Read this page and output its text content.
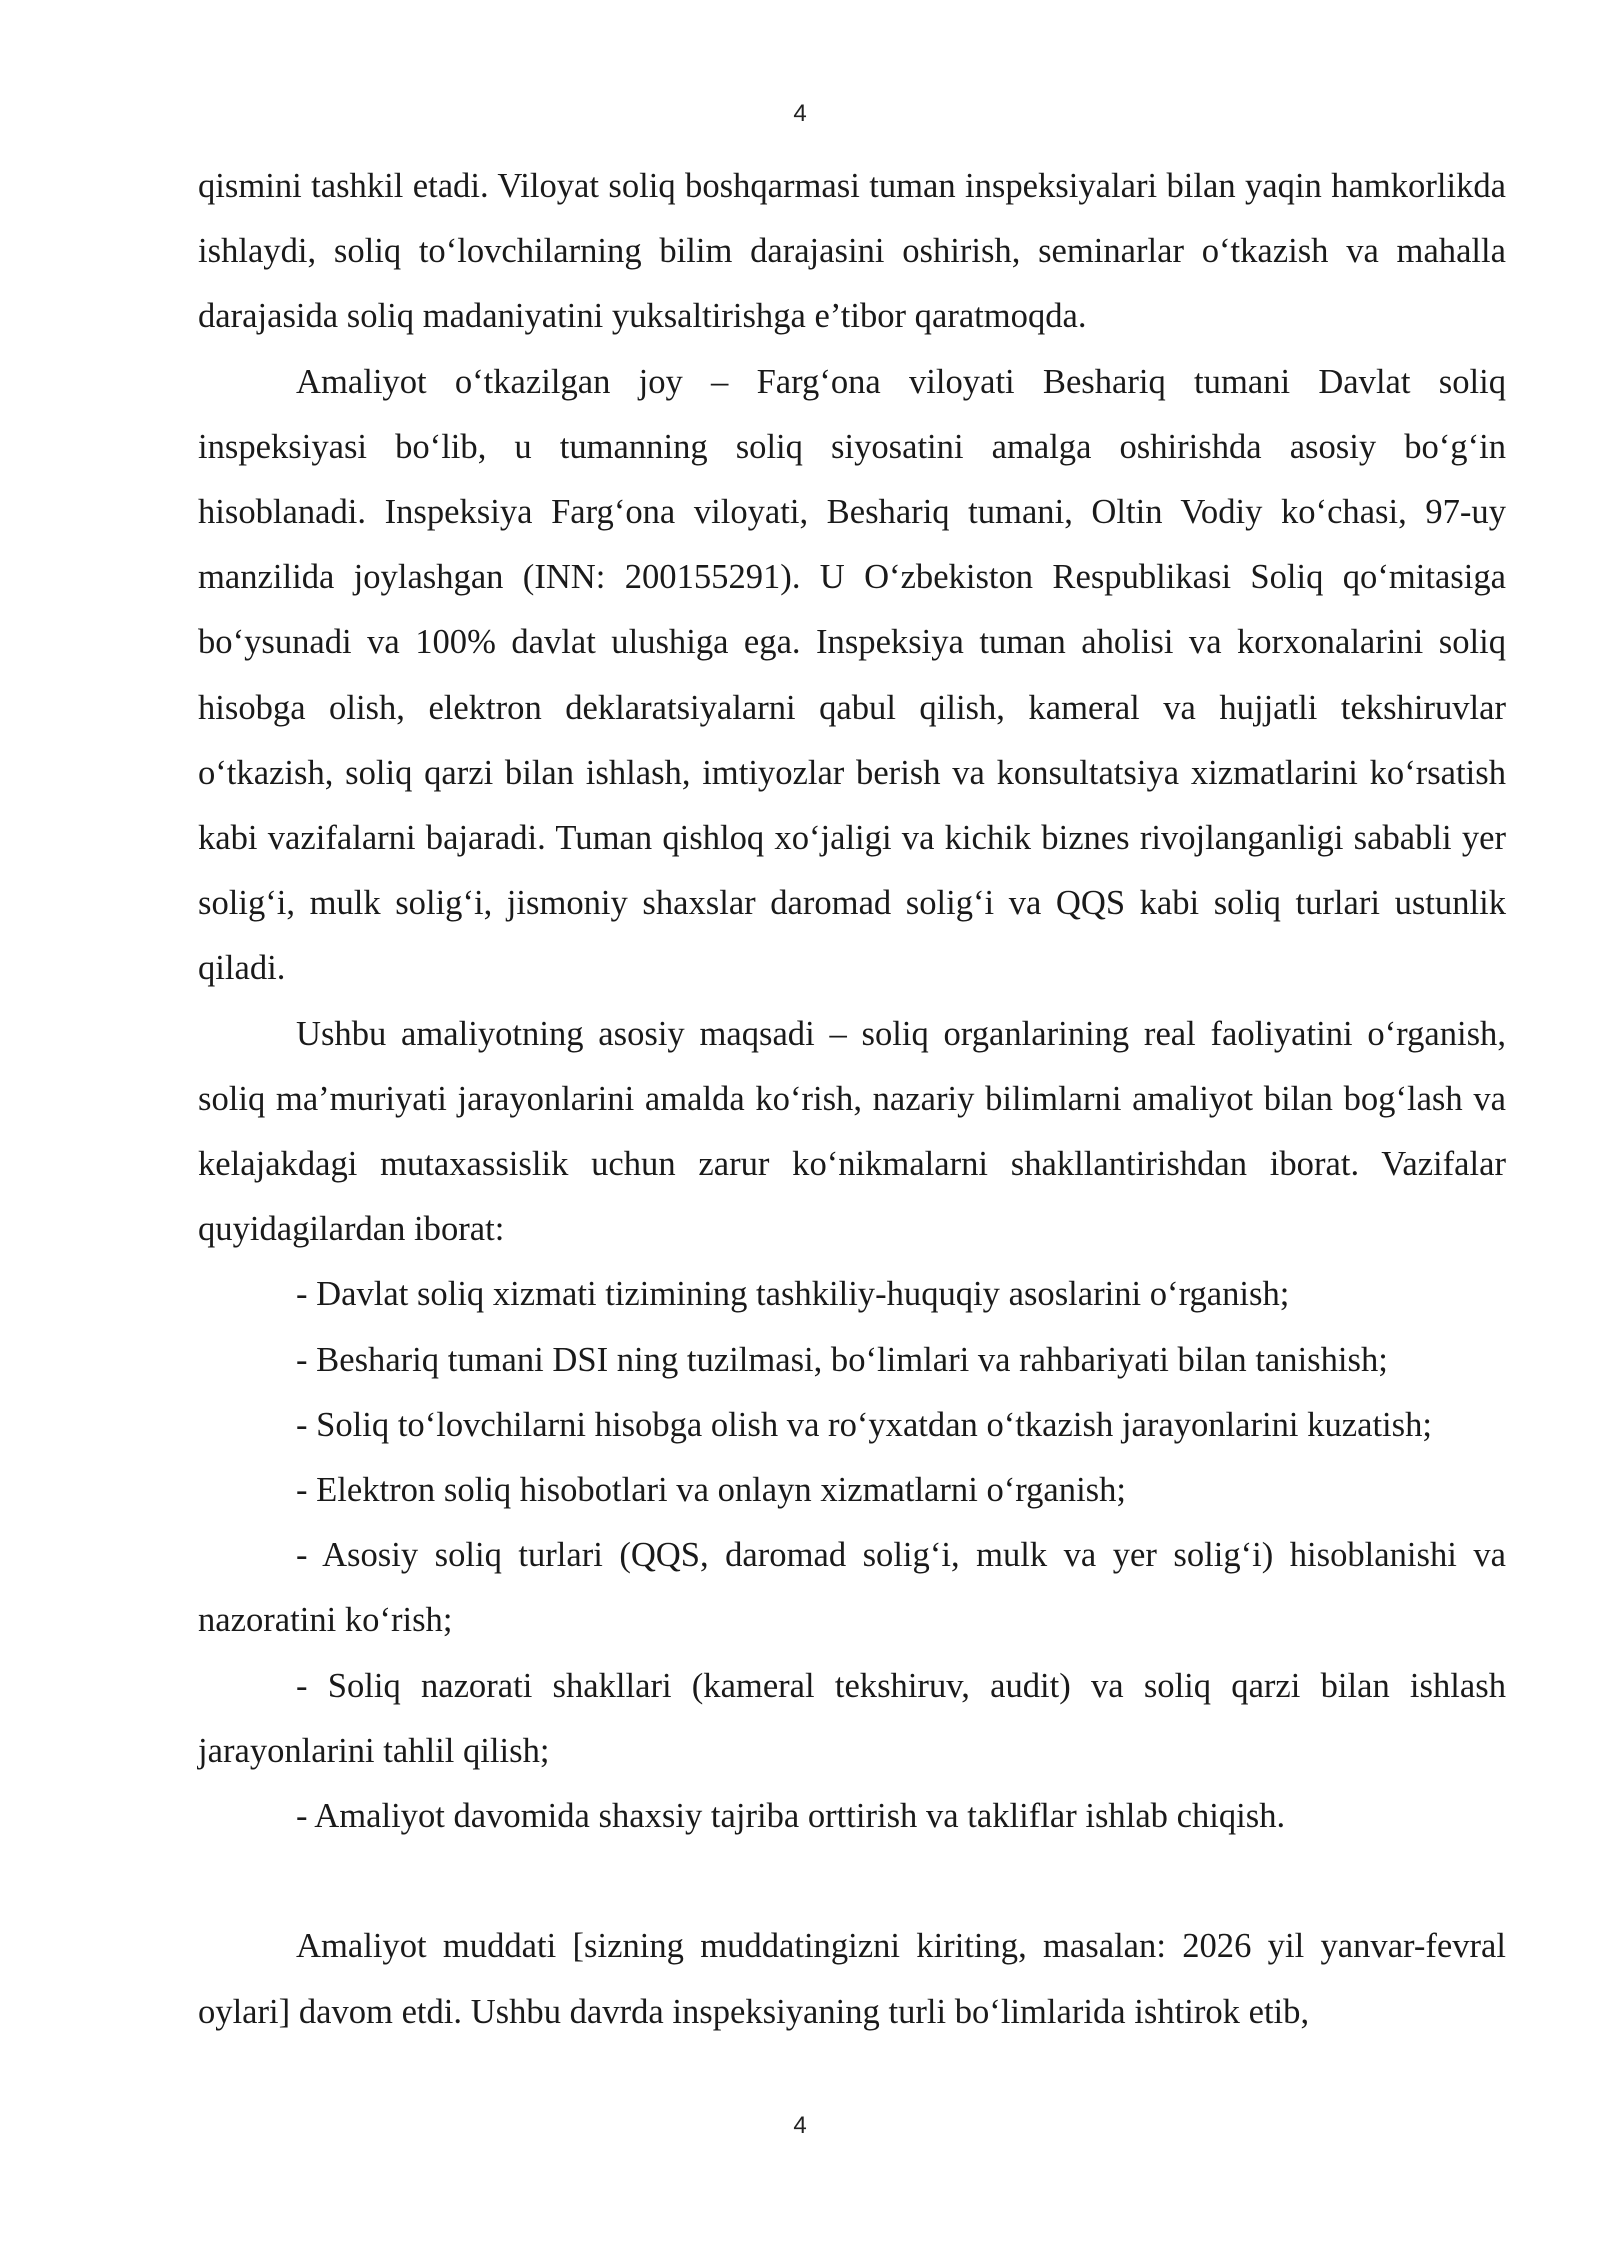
4

qismini tashkil etadi. Viloyat soliq boshqarmasi tuman inspeksiyalari bilan yaqin hamkorlikda ishlaydi, soliq to‘lovchilarning bilim darajasini oshirish, seminarlar o‘tkazish va mahalla darajasida soliq madaniyatini yuksaltirishga e’tibor qaratmoqda.

Amaliyot o‘tkazilgan joy – Farg‘ona viloyati Beshariq tumani Davlat soliq inspeksiyasi bo‘lib, u tumanning soliq siyosatini amalga oshirishda asosiy bo‘g‘in hisoblanadi. Inspeksiya Farg‘ona viloyati, Beshariq tumani, Oltin Vodiy ko‘chasi, 97-uy manzilida joylashgan (INN: 200155291). U O‘zbekiston Respublikasi Soliq qo‘mitasiga bo‘ysunadi va 100% davlat ulushiga ega. Inspeksiya tuman aholisi va korxonalarini soliq hisobga olish, elektron deklaratsiyalarni qabul qilish, kameral va hujjatli tekshiruvlar o‘tkazish, soliq qarzi bilan ishlash, imtiyozlar berish va konsultatsiya xizmatlarini ko‘rsatish kabi vazifalarni bajaradi. Tuman qishloq xo‘jaligi va kichik biznes rivojlanganligi sababli yer solig‘i, mulk solig‘i, jismoniy shaxslar daromad solig‘i va QQS kabi soliq turlari ustunlik qiladi.

Ushbu amaliyotning asosiy maqsadi – soliq organlarining real faoliyatini o‘rganish, soliq ma’muriyati jarayonlarini amalda ko‘rish, nazariy bilimlarni amaliyot bilan bog‘lash va kelajakdagi mutaxassislik uchun zarur ko‘nikmalarni shakllantirishdan iborat. Vazifalar quyidagilardan iborat:

- Davlat soliq xizmati tizimining tashkiliy-huquqiy asoslarini o‘rganish;

- Beshariq tumani DSI ning tuzilmasi, bo‘limlari va rahbariyati bilan tanishish;

- Soliq to‘lovchilarni hisobga olish va ro‘yxatdan o‘tkazish jarayonlarini kuzatish;

- Elektron soliq hisobotlari va onlayn xizmatlarni o‘rganish;

- Asosiy soliq turlari (QQS, daromad solig‘i, mulk va yer solig‘i) hisoblanishi va nazoratini ko‘rish;

- Soliq nazorati shakllari (kameral tekshiruv, audit) va soliq qarzi bilan ishlash jarayonlarini tahlil qilish;

- Amaliyot davomida shaxsiy tajriba orttirish va takliflar ishlab chiqish.

Amaliyot muddati [sizning muddatingizni kiriting, masalan: 2026 yil yanvar-fevral oylari] davom etdi. Ushbu davrda inspeksiyaning turli bo‘limlarida ishtirok etib,

4
